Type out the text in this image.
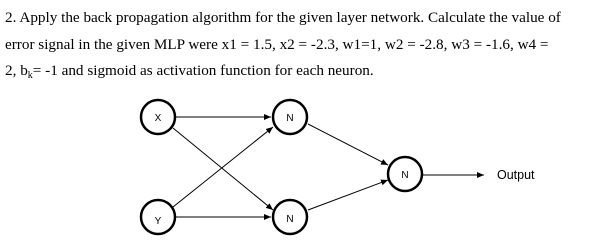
2. Apply the back propagation algorithm for the given layer network. Calculate the value of
error signal in the given MLP were x1 = 1.5, x2 = -2.3, w1=1, w2 = -2.8, w3 = -1.6, w4 =
2, $b_k= -1$ and sigmoid as activation function for each neuron.
X
Y
N
N
N	Output
